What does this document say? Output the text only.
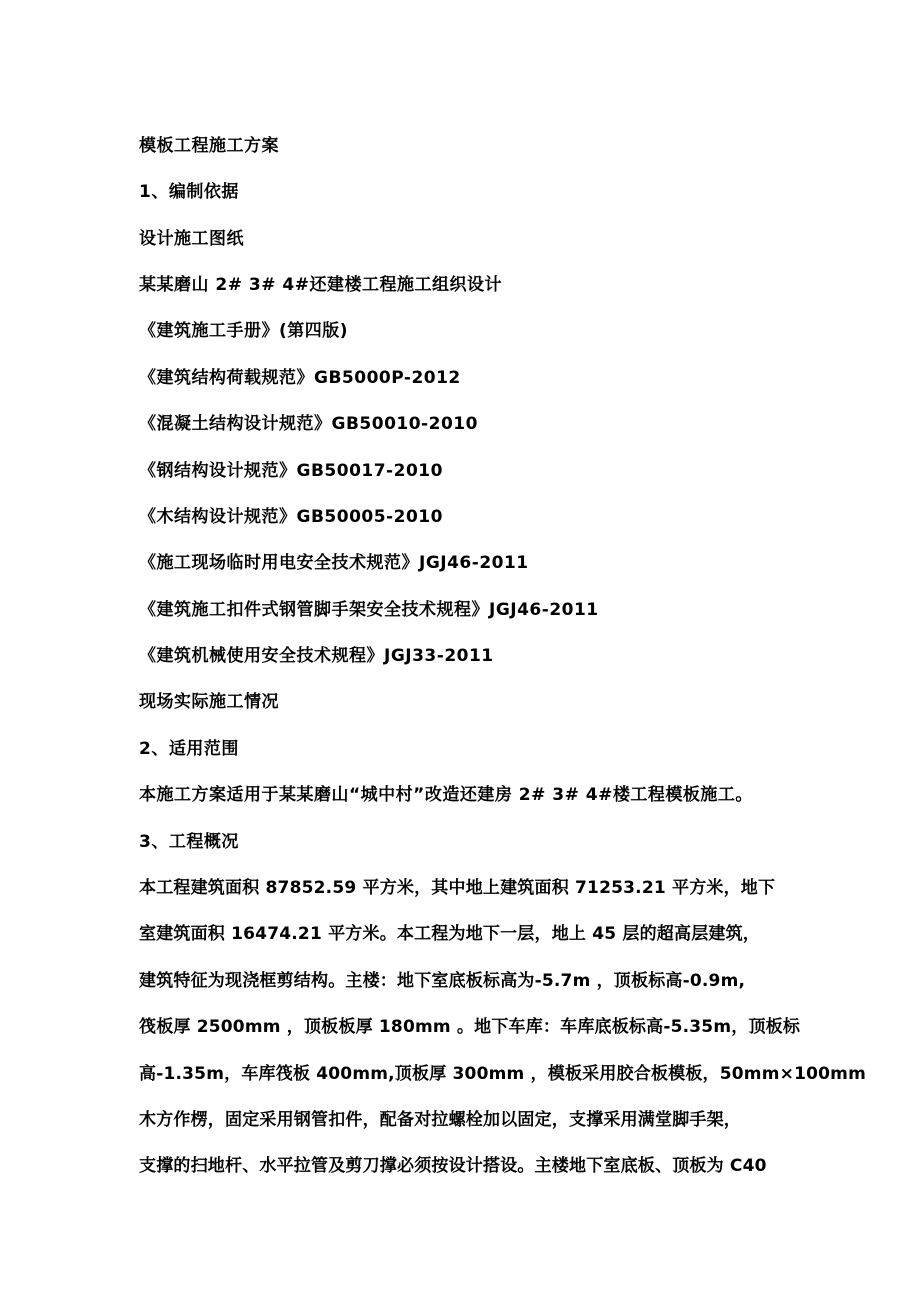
模板工程施工方案
1、编制依据
设计施工图纸
某某磨山 2# 3# 4#还建楼工程施工组织设计
《建筑施工手册》(第四版)
《建筑结构荷载规范》GB5000P-2012
《混凝土结构设计规范》GB50010-2010
《钢结构设计规范》GB50017-2010
《木结构设计规范》GB50005-2010
《施工现场临时用电安全技术规范》JGJ46-2011
《建筑施工扣件式钢管脚手架安全技术规程》JGJ46-2011
《建筑机械使用安全技术规程》JGJ33-2011
现场实际施工情况
2、适用范围
本施工方案适用于某某磨山“城中村”改造还建房 2# 3# 4#楼工程模板施工。
3、工程概况
本工程建筑面积 87852.59 平方米，其中地上建筑面积 71253.21 平方米，地下
室建筑面积 16474.21 平方米。本工程为地下一层，地上 45 层的超高层建筑，
建筑特征为现浇框剪结构。主楼：地下室底板标高为-5.7m ，顶板标高-0.9m,
筏板厚 2500mm ，顶板板厚 180mm 。地下车库：车库底板标高-5.35m，顶板标
高-1.35m，车库筏板 400mm,顶板厚 300mm ，模板采用胶合板模板，50mm×100mm
木方作楞，固定采用钢管扣件，配备对拉螺栓加以固定，支撑采用满堂脚手架，
支撑的扫地杆、水平拉管及剪刀撑必须按设计搭设。主楼地下室底板、顶板为 C40
